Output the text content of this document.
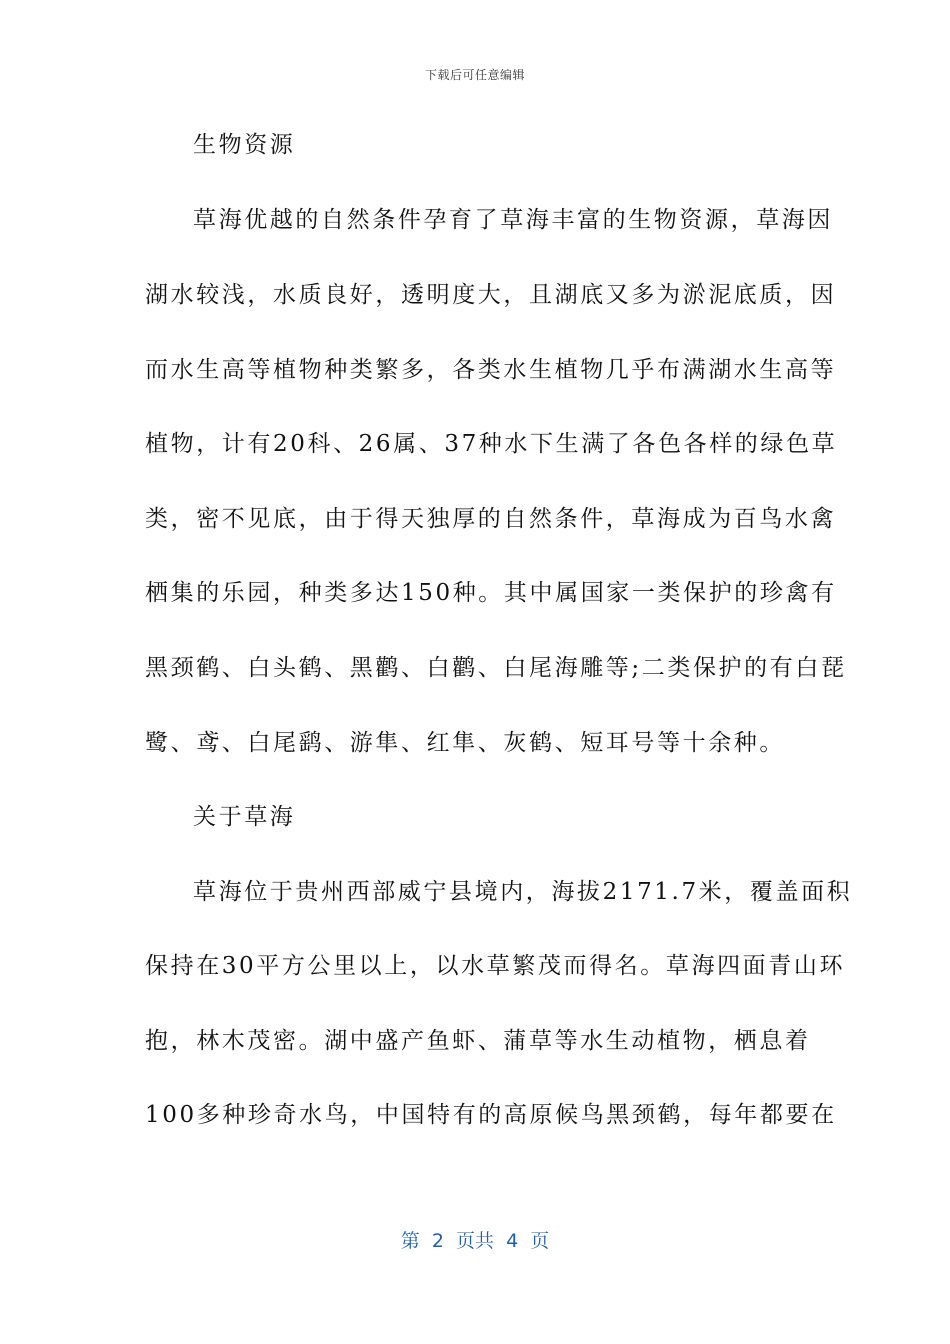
下载后可任意编辑
生物资源
草海优越的自然条件孕育了草海丰富的生物资源，草海因
湖水较浅，水质良好，透明度大，且湖底又多为淤泥底质，因
而水生高等植物种类繁多，各类水生植物几乎布满湖水生高等
植物，计有20科、26属、37种水下生满了各色各样的绿色草
类，密不见底，由于得天独厚的自然条件，草海成为百鸟水禽
栖集的乐园，种类多达150种。其中属国家一类保护的珍禽有
黑颈鹤、白头鹤、黑鹳、白鹳、白尾海雕等;二类保护的有白琵
鹭、鸢、白尾鹞、游隼、红隼、灰鹤、短耳号等十余种。
关于草海
草海位于贵州西部威宁县境内，海拔2171.7米，覆盖面积
保持在30平方公里以上，以水草繁茂而得名。草海四面青山环
抱，林木茂密。湖中盛产鱼虾、蒲草等水生动植物，栖息着
100多种珍奇水鸟，中国特有的高原候鸟黑颈鹤，每年都要在
第  2  页共  4  页
